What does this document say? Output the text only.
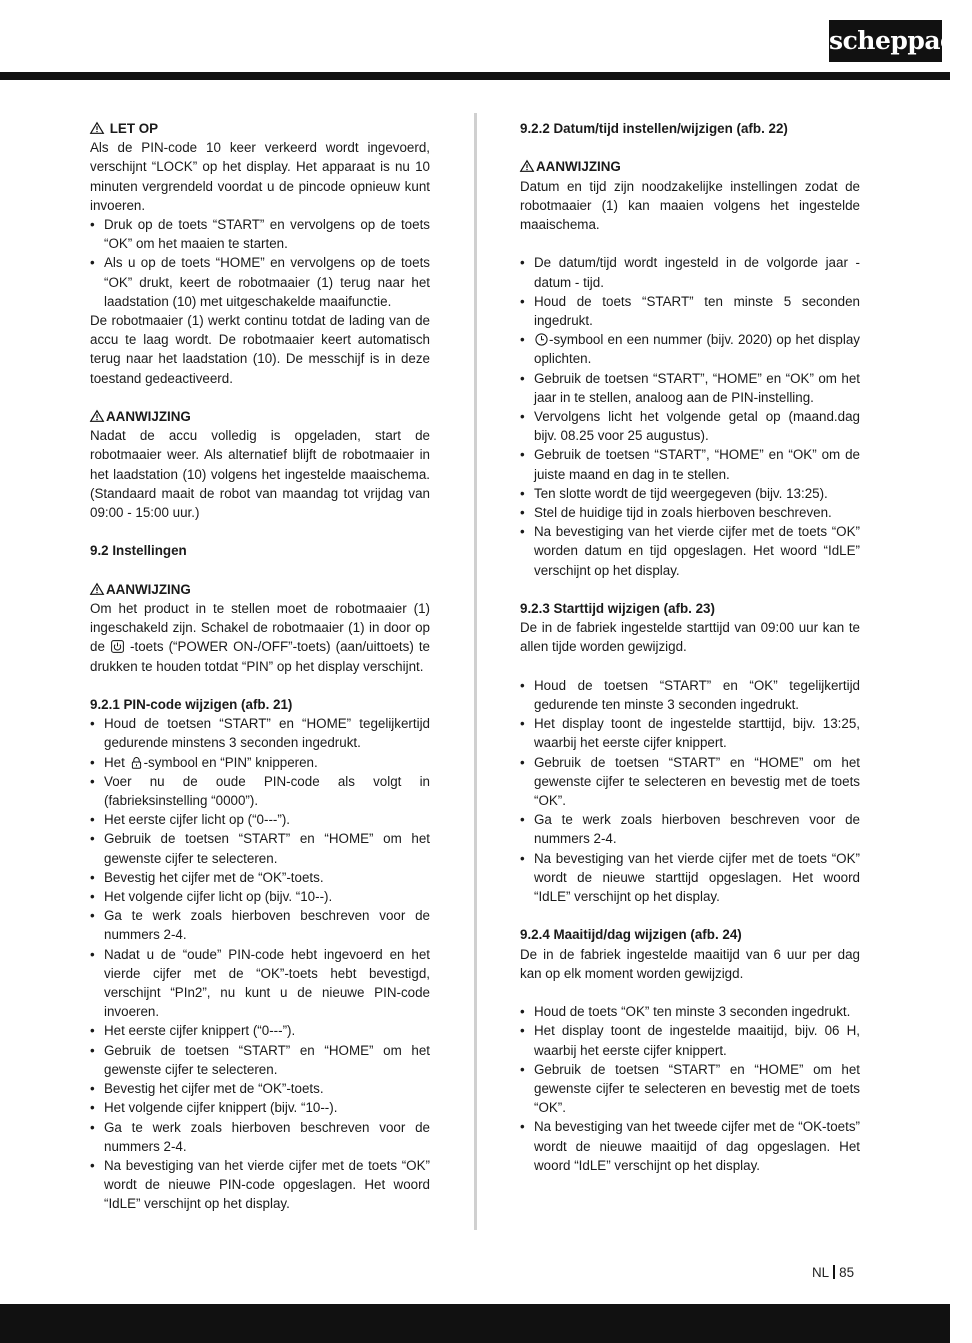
scheppach

LET OP

Als de PIN-code 10 keer verkeerd wordt ingevoerd, verschijnt “LOCK” op het display. Het apparaat is nu 10 minuten vergrendeld voordat u de pincode opnieuw kunt invoeren.

• Druk op de toets “START” en vervolgens op de toets “OK” om het maaien te starten.
• Als u op de toets “HOME” en vervolgens op de toets “OK” drukt, keert de robotmaaier (1) terug naar het laadstation (10) met uitgeschakelde maaifunctie.

De robotmaaier (1) werkt continu totdat de lading van de accu te laag wordt. De robotmaaier keert automatisch terug naar het laadstation (10). De messchijf is in deze toestand gedeactiveerd.

AANWIJZING

Nadat de accu volledig is opgeladen, start de robotmaaier weer. Als alternatief blijft de robotmaaier in het laadstation (10) volgens het ingestelde maaischema. (Standaard maait de robot van maandag tot vrijdag van 09:00 - 15:00 uur.)

9.2 Instellingen

AANWIJZING

Om het product in te stellen moet de robotmaaier (1) ingeschakeld zijn. Schakel de robotmaaier (1) in door op de -toets (“POWER ON-/OFF”-toets) (aan/uittoets) te drukken te houden totdat “PIN” op het display verschijnt.

9.2.1 PIN-code wijzigen (afb. 21)

• Houd de toetsen “START” en “HOME” tegelijkertijd gedurende minstens 3 seconden ingedrukt.
• Het -symbool en “PIN” knipperen.
• Voer nu de oude PIN-code als volgt in (fabrieksinstelling “0000”).
• Het eerste cijfer licht op (“0---”).
• Gebruik de toetsen “START” en “HOME” om het gewenste cijfer te selecteren.
• Bevestig het cijfer met de “OK”-toets.
• Het volgende cijfer licht op (bijv. “10--).
• Ga te werk zoals hierboven beschreven voor de nummers 2-4.
• Nadat u de “oude” PIN-code hebt ingevoerd en het vierde cijfer met de “OK”-toets hebt bevestigd, verschijnt “PIn2”, nu kunt u de nieuwe PIN-code invoeren.
• Het eerste cijfer knippert (“0---”).
• Gebruik de toetsen “START” en “HOME” om het gewenste cijfer te selecteren.
• Bevestig het cijfer met de “OK”-toets.
• Het volgende cijfer knippert (bijv. “10--).
• Ga te werk zoals hierboven beschreven voor de nummers 2-4.
• Na bevestiging van het vierde cijfer met de toets “OK” wordt de nieuwe PIN-code opgeslagen. Het woord “IdLE” verschijnt op het display.

9.2.2 Datum/tijd instellen/wijzigen (afb. 22)

AANWIJZING

Datum en tijd zijn noodzakelijke instellingen zodat de robotmaaier (1) kan maaien volgens het ingestelde maaischema.

• De datum/tijd wordt ingesteld in de volgorde jaar - datum - tijd.
• Houd de toets “START” ten minste 5 seconden ingedrukt.
• -symbool en een nummer (bijv. 2020) op het display oplichten.
• Gebruik de toetsen “START”, “HOME” en “OK” om het jaar in te stellen, analoog aan de PIN-instelling.
• Vervolgens licht het volgende getal op (maand.dag bijv. 08.25 voor 25 augustus).
• Gebruik de toetsen “START”, “HOME” en “OK” om de juiste maand en dag in te stellen.
• Ten slotte wordt de tijd weergegeven (bijv. 13:25).
• Stel de huidige tijd in zoals hierboven beschreven.
• Na bevestiging van het vierde cijfer met de toets “OK” worden datum en tijd opgeslagen. Het woord “IdLE” verschijnt op het display.

9.2.3 Starttijd wijzigen (afb. 23)

De in de fabriek ingestelde starttijd van 09:00 uur kan te allen tijde worden gewijzigd.

• Houd de toetsen “START” en “OK” tegelijkertijd gedurende ten minste 3 seconden ingedrukt.
• Het display toont de ingestelde starttijd, bijv. 13:25, waarbij het eerste cijfer knippert.
• Gebruik de toetsen “START” en “HOME” om het gewenste cijfer te selecteren en bevestig met de toets “OK”.
• Ga te werk zoals hierboven beschreven voor de nummers 2-4.
• Na bevestiging van het vierde cijfer met de toets “OK” wordt de nieuwe starttijd opgeslagen. Het woord “IdLE” verschijnt op het display.

9.2.4 Maaitijd/dag wijzigen (afb. 24)

De in de fabriek ingestelde maaitijd van 6 uur per dag kan op elk moment worden gewijzigd.

• Houd de toets “OK” ten minste 3 seconden ingedrukt.
• Het display toont de ingestelde maaitijd, bijv. 06 H, waarbij het eerste cijfer knippert.
• Gebruik de toetsen “START” en “HOME” om het gewenste cijfer te selecteren en bevestig met de toets “OK”.
• Na bevestiging van het tweede cijfer met de “OK-toets” wordt de nieuwe maaitijd of dag opgeslagen. Het woord “IdLE” verschijnt op het display.
NL 85
